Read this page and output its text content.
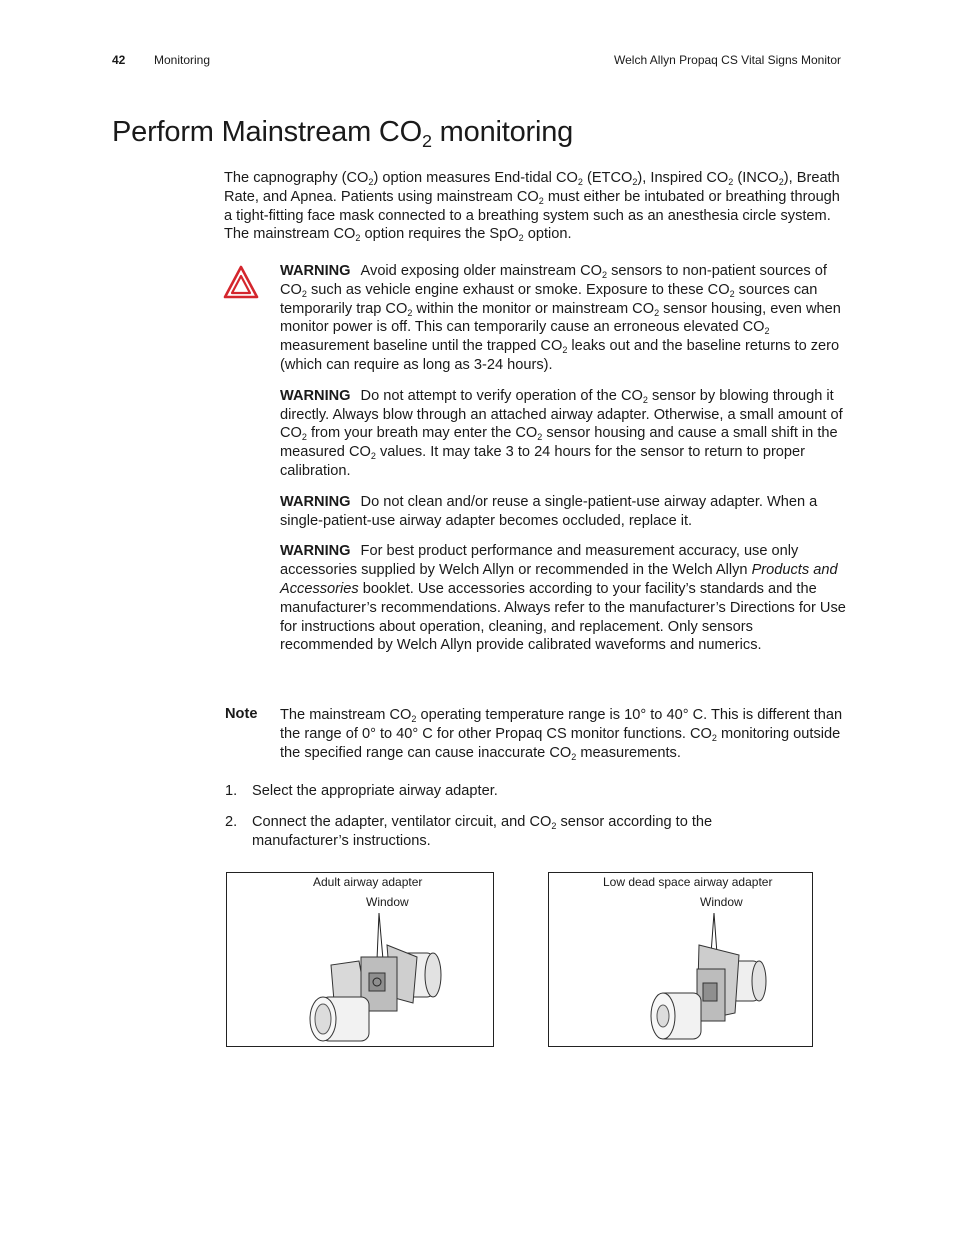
42 Monitoring	Welch Allyn Propaq CS Vital Signs Monitor
Perform Mainstream $CO_2$ monitoring

The capnography $(CO_2)$ option measures End-tidal $CO_2$ $(ETCO_2)$, Inspired $CO_2$ $(INCO_2)$, Breath Rate, and Apnea. Patients using mainstream $CO_2$ must either be intubated or breathing through a tight-fitting face mask connected to a breathing system such as an anesthesia circle system. The mainstream $CO_2$ option requires the SpO$_2$ option.

WARNING Avoid exposing older mainstream $CO_2$ sensors to non-patient sources of $CO_2$ such as vehicle engine exhaust or smoke. Exposure to these $CO_2$ sources can temporarily trap $CO_2$ within the monitor or mainstream $CO_2$ sensor housing, even when monitor power is off. This can temporarily cause an erroneous elevated $CO_2$ measurement baseline until the trapped $CO_2$ leaks out and the baseline returns to zero (which can require as long as 3-24 hours).

WARNING Do not attempt to verify operation of the $CO_2$ sensor by blowing through it directly. Always blow through an attached airway adapter. Otherwise, a small amount of $CO_2$ from your breath may enter the $CO_2$ sensor housing and cause a small shift in the measured $CO_2$ values. It may take 3 to 24 hours for the sensor to return to proper calibration.

WARNING Do not clean and/or reuse a single-patient-use airway adapter. When a single-patient-use airway adapter becomes occluded, replace it.

WARNING For best product performance and measurement accuracy, use only accessories supplied by Welch Allyn or recommended in the Welch Allyn Products and Accessories booklet. Use accessories according to your facility’s standards and the manufacturer’s recommendations. Always refer to the manufacturer’s Directions for Use for instructions about operation, cleaning, and replacement. Only sensors recommended by Welch Allyn provide calibrated waveforms and numerics.

Note The mainstream $CO_2$ operating temperature range is 10° to 40° C. This is different than the range of 0° to 40° C for other Propaq CS monitor functions. $CO_2$ monitoring outside the specified range can cause inaccurate $CO_2$ measurements.

1. Select the appropriate airway adapter.
2. Connect the adapter, ventilator circuit, and $CO_2$ sensor according to the manufacturer’s instructions.
Adult airway adapter
Window
Low dead space airway adapter
Window
